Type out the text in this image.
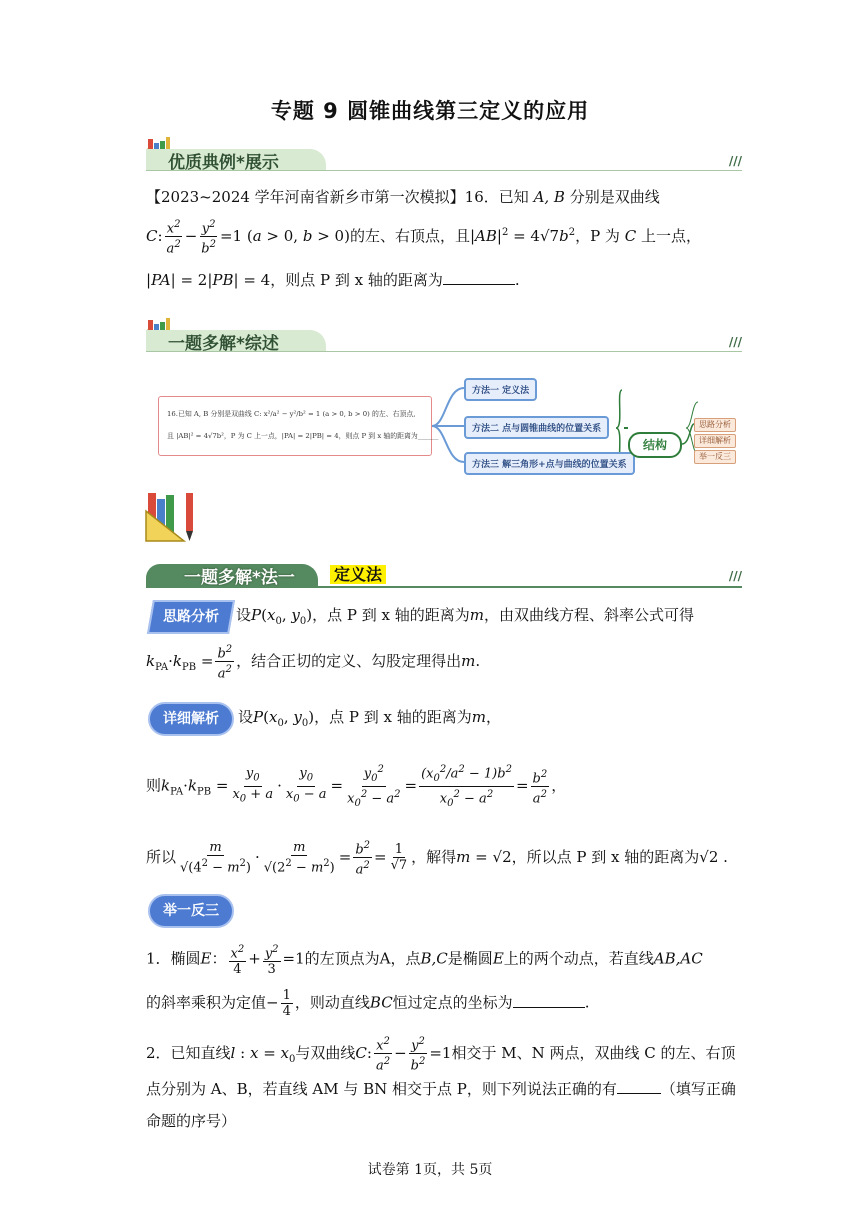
专题 9 圆锥曲线第三定义的应用
优质典例*展示	///
【2023~2024 学年河南省新乡市第一次模拟】16．已知 A, B 分别是双曲线
C: $\frac{x^2}{a^2} - \frac{y^2}{b^2} =1$ (a > 0, b > 0)的左、右顶点，且$|AB|^2 = 4√7b^2$，P 为 C 上一点，
|PA| = 2|PB| = 4，则点 P 到 x 轴的距离为	.
一题多解*综述	///
16.已知 A, B 分别是双曲线 C: x²/a² − y²/b² = 1 (a > 0, b > 0) 的左、右顶点,
且 |AB|² = 4√7b²，P 为 C 上一点，|PA| = 2|PB| = 4，则点 P 到 x 轴的距离为______
方法一 定义法
方法二 点与圆锥曲线的位置关系
方法三 解三角形+点与曲线的位置关系
结构
思路分析
详细解析
举一反三
一题多解*法一 定义法	///
思路分析	设$P(x_0$, $y_0$)，点 P 到 x 轴的距离为m，由双曲线方程、斜率公式可得
$k_{PA}\cdot k_{PB} = \frac{b^2}{a^2}$ ，结合正切的定义、勾股定理得出m.
详细解析	设$P(x_0$, $y_0$)，点 P 到 x 轴的距离为m，
则$k_{PA}\cdot k_{PB} = \frac{y_0}{x_0 + a} \cdot \frac{y_0}{x_0 - a} = \frac{y_0^2}{x_0^2 - a^2} = \frac{(x_0^2/a^2 - 1)b^2}{x_0^2 - a^2} = \frac{b^2}{a^2}$ ，
所以 $\frac{m}{√(4^2 - m^2)} \cdot \frac{m}{√(2^2 - m^2)} = \frac{b^2}{a^2} = \frac{1}{√7}$ ，解得m = √2，所以点 P 到 x 轴的距离为√2 .
举一反三
1．椭圆E： $\frac{x^2}{4} + \frac{y^2}{3} =1$的左顶点为A，点B,C是椭圆E上的两个动点，若直线AB,AC
的斜率乘积为定值− $\frac{1}{4}$ ，则动直线BC恒过定点的坐标为	.
2．已知直线l : $x = x_0$与双曲线C: $\frac{x^2}{a^2} - \frac{y^2}{b^2} =1$相交于 M、N 两点，双曲线 C 的左、右顶
点分别为 A、B，若直线 AM 与 BN 相交于点 P，则下列说法正确的有	（填写正确
命题的序号）
试卷第 1页，共 5页
